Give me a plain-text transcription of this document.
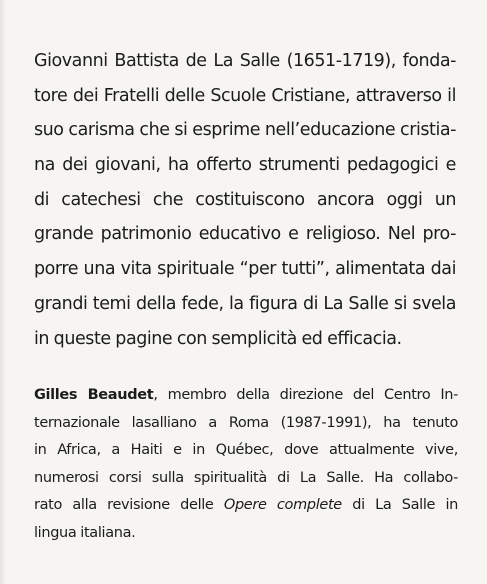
Giovanni Battista de La Salle (1651-1719), fonda-
tore dei Fratelli delle Scuole Cristiane, attraverso il
suo carisma che si esprime nell’educazione cristia-
na dei giovani, ha offerto strumenti pedagogici e
di catechesi che costituiscono ancora oggi un
grande patrimonio educativo e religioso. Nel pro-
porre una vita spirituale “per tutti”, alimentata dai
grandi temi della fede, la figura di La Salle si svela
in queste pagine con semplicità ed efficacia.
Gilles Beaudet, membro della direzione del Centro In-
ternazionale lasalliano a Roma (1987-1991), ha tenuto
in Africa, a Haiti e in Québec, dove attualmente vive,
numerosi corsi sulla spiritualità di La Salle. Ha collabo-
rato alla revisione delle Opere complete di La Salle in
lingua italiana.
